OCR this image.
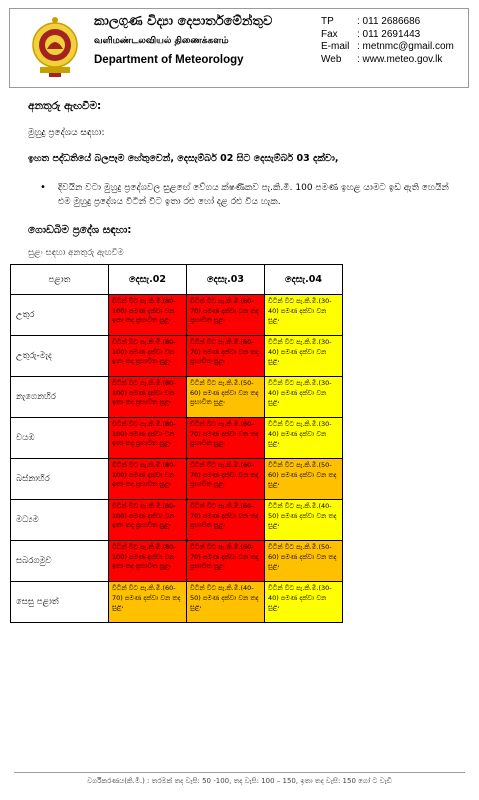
කාලගුණ විද්‍යා දෙපාර්තමේන්තුව
வளிமண்டலவியல் திணைக்களம்
Department of Meteorology
TP	: 011 2686686
Fax	: 011 2691443
E-mail : metnmc@gmail.com
Web	: www.meteo.gov.lk
අනතුරු ඇඟවීම:
මුහුදු ප්‍රදේශය සඳහා:
ඉහත පද්ධතියේ බලපෑම හේතුවෙන්, දෙසැම්බර් 02 සිට දෙසැම්බර් 03 දක්වා,
•	දිවයින වටා මුහුදු ප්‍රදේශවල සුළඟේ වේගය ක්ෂණිකව පැ.කි.මී. 100 පමණ ඉහළ යාමට ඉඩ ඇති හෙයින් එම මුහුදු ප්‍රදේශය විටින් විට ඉතා රළු හෝ දළ රළු විය හැක.
ගොඩබිම ප්‍රදේශ සඳහා:
සුළං සඳහා අනතුරු ඇඟවීම
පළාත	දෙසැ.02	දෙසැ.03	දෙසැ.04
උතුර	විටින් විට පැ.කි.මී.(80-100) පමණ දක්වා වන ඉතා තද ප්‍රභාවිත සුළං	විටින් විට පැ.කි.මී.(60-70) පමණ දක්වා වන තද ප්‍රභාවිත සුළං	විටින් විට පැ.කි.මී.(30-40) පමණ දක්වා වන සුළං
උතුරු-මැද	විටින් විට පැ.කි.මී.(80-100) පමණ දක්වා වන ඉතා තද ප්‍රභාවිත සුළං	විටින් විට පැ.කි.මී.(60-70) පමණ දක්වා වන තද ප්‍රභාවිත සුළං	විටින් විට පැ.කි.මී.(30-40) පමණ දක්වා වන සුළං
නැගෙනහිර	විටින් විට පැ.කි.මී.(80-100) පමණ දක්වා වන ඉතා තද ප්‍රභාවිත සුළං	විටින් විට පැ.කි.මී.(50-60) පමණ දක්වා වන තද ප්‍රභාවිත සුළං	විටින් විට පැ.කි.මී.(30-40) පමණ දක්වා වන සුළං
වයඹ	විටින් විට පැ.කි.මී.(80-100) පමණ දක්වා වන ඉතා තද ප්‍රභාවිත සුළං	විටින් විට පැ.කි.මී.(60-70) පමණ දක්වා වන තද ප්‍රභාවිත සුළං	විටින් විට පැ.කි.මී.(30-40) පමණ දක්වා වන සුළං
බස්නාහිර	විටින් විට පැ.කි.මී.(80-100) පමණ දක්වා වන ඉතා තද ප්‍රභාවිත සුළං	විටින් විට පැ.කි.මී.(60-70) පමණ දක්වා වන තද ප්‍රභාවිත සුළං	විටින් විට පැ.කි.මී.(50-60) පමණ දක්වා වන තද සුළං
මධ්‍යම	විටින් විට පැ.කි.මී.(80-100) පමණ දක්වා වන ඉතා තද ප්‍රභාවිත සුළං	විටින් විට පැ.කි.මී.(60-70) පමණ දක්වා වන තද ප්‍රභාවිත සුළං	විටින් විට පැ.කි.මී.(40-50) පමණ දක්වා වන තද සුළං
සබරගමුව	විටින් විට පැ.කි.මී.(80-100) පමණ දක්වා වන ඉතා තද ප්‍රභාවිත සුළං	විටින් විට පැ.කි.මී.(60-70) පමණ දක්වා වන තද ප්‍රභාවිත සුළං	විටින් විට පැ.කි.මී.(50-60) පමණ දක්වා වන තද සුළං
සෙසු පළාත්	විටින් විට පැ.කි.මී.(60-70) පමණ දක්වා වන තද සුළං	විටින් විට පැ.කි.මී.(40-50) පමණ දක්වා වන තද සුළං	විටින් විට පැ.කි.මී.(30-40) පමණ දක්වා වන සුළං
වර්ගීකරණය(කි.මී.) : තරමක් තද වැසි: 50 -100, තද වැසි: 100 – 150, ඉතා තද වැසි: 150 ගෝ ට වැඩි
